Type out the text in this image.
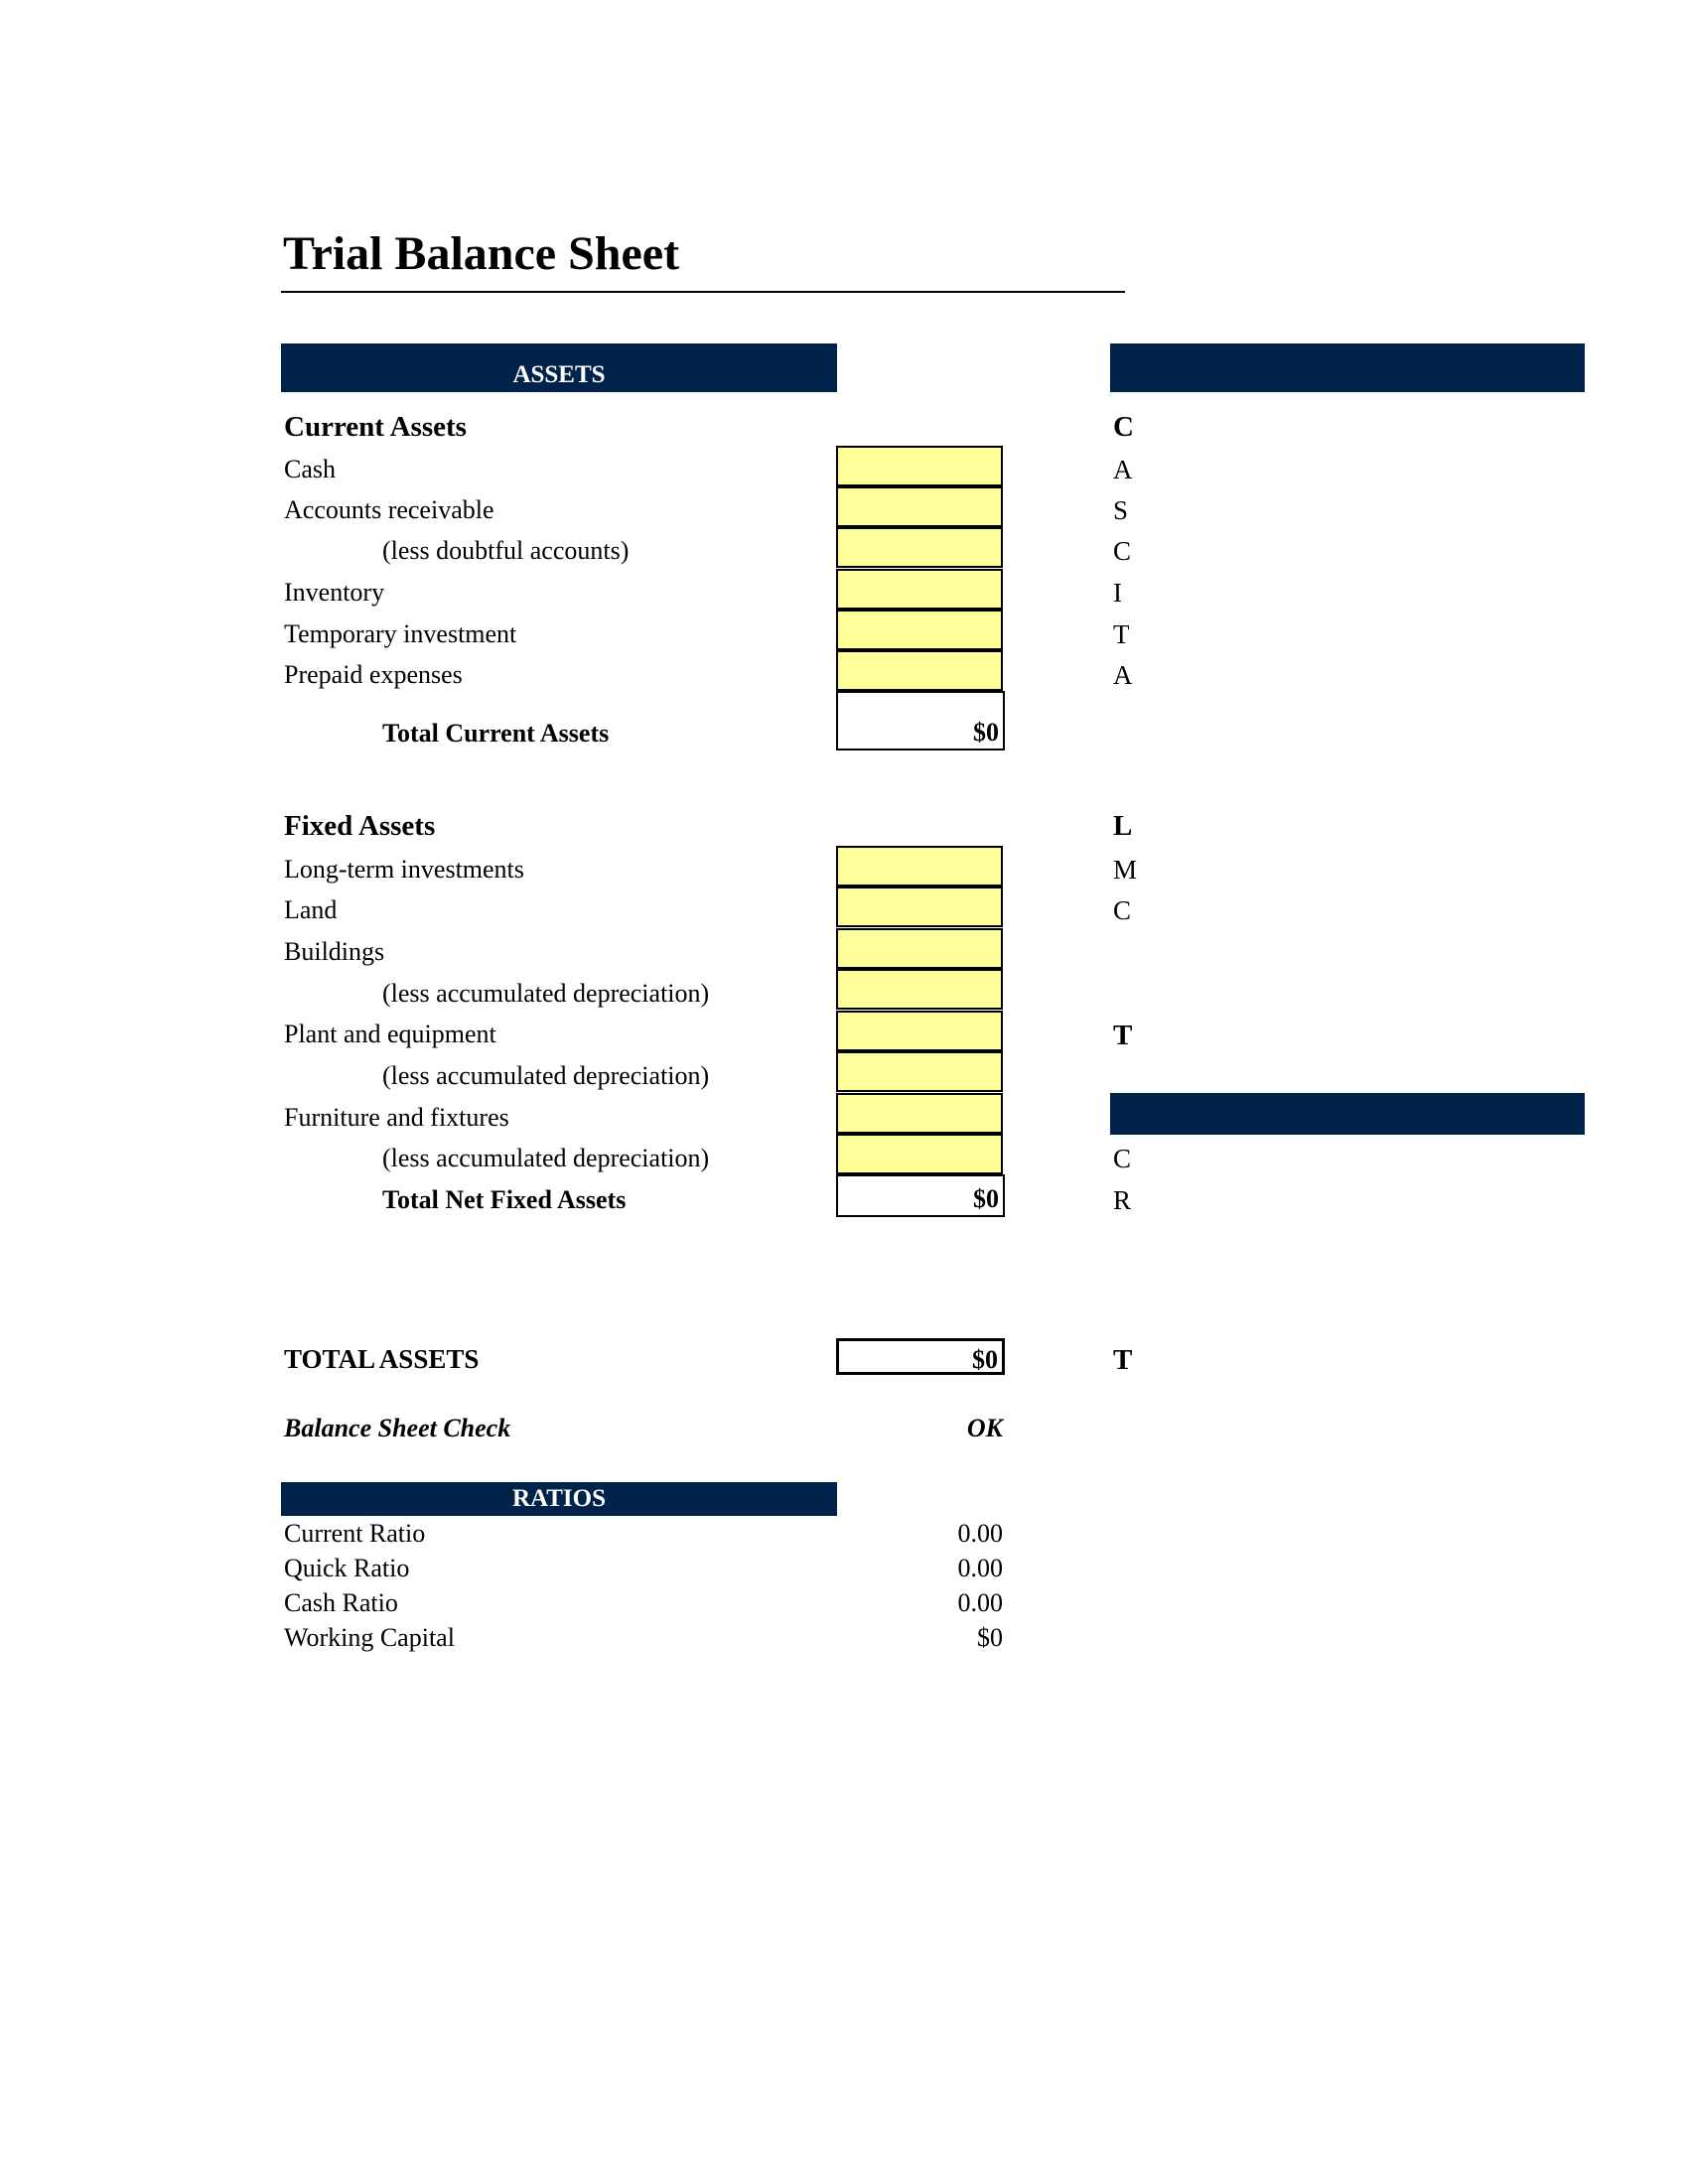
Trial Balance Sheet
ASSETS
Current Assets
Cash
Accounts receivable
(less doubtful accounts)
Inventory
Temporary investment
Prepaid expenses
Total Current Assets	$0
Fixed Assets
Long-term investments
Land
Buildings
(less accumulated depreciation)
Plant and equipment
(less accumulated depreciation)
Furniture and fixtures
(less accumulated depreciation)
Total Net Fixed Assets	$0
TOTAL ASSETS	$0
Balance Sheet Check	OK
RATIOS
Current Ratio	0.00
Quick Ratio	0.00
Cash Ratio	0.00
Working Capital	$0
C
A
S
C
I
T
A
L
M
C
T
C
R
T
